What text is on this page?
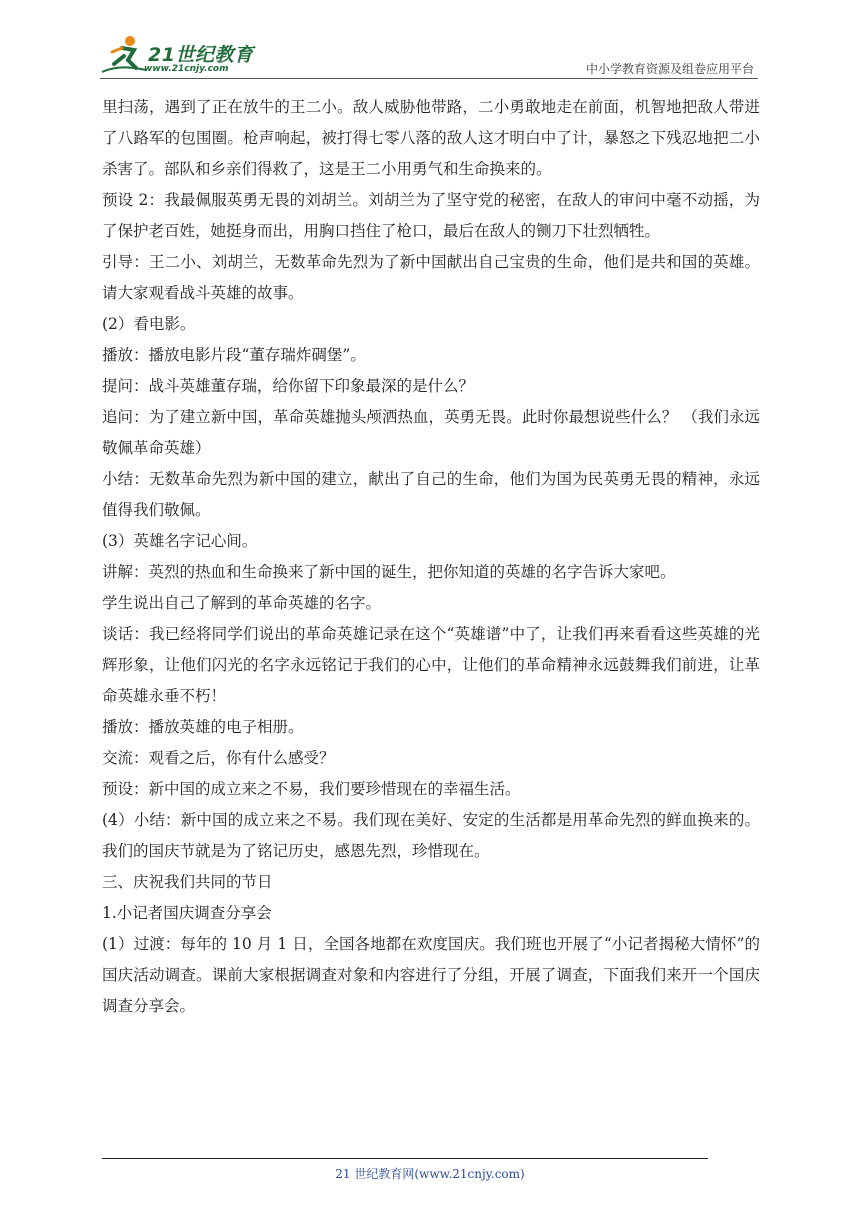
21世纪教育
www.21cnjy.com	中小学教育资源及组卷应用平台

里扫荡，遇到了正在放牛的王二小。敌人威胁他带路，二小勇敢地走在前面，机智地把敌人带进了八路军的包围圈。枪声响起，被打得七零八落的敌人这才明白中了计，暴怒之下残忍地把二小杀害了。部队和乡亲们得救了，这是王二小用勇气和生命换来的。

预设 2：我最佩服英勇无畏的刘胡兰。刘胡兰为了坚守党的秘密，在敌人的审问中毫不动摇，为了保护老百姓，她挺身而出，用胸口挡住了枪口，最后在敌人的铡刀下壮烈牺牲。

引导：王二小、刘胡兰，无数革命先烈为了新中国献出自己宝贵的生命，他们是共和国的英雄。请大家观看战斗英雄的故事。

(2）看电影。

播放：播放电影片段“董存瑞炸碉堡”。

提问：战斗英雄董存瑞，给你留下印象最深的是什么？

追问：为了建立新中国，革命英雄抛头颅洒热血，英勇无畏。此时你最想说些什么？ （我们永远敬佩革命英雄）

小结：无数革命先烈为新中国的建立，献出了自己的生命，他们为国为民英勇无畏的精神，永远值得我们敬佩。

(3）英雄名字记心间。

讲解：英烈的热血和生命换来了新中国的诞生，把你知道的英雄的名字告诉大家吧。

学生说出自己了解到的革命英雄的名字。

谈话：我已经将同学们说出的革命英雄记录在这个“英雄谱”中了，让我们再来看看这些英雄的光辉形象，让他们闪光的名字永远铭记于我们的心中，让他们的革命精神永远鼓舞我们前进，让革命英雄永垂不朽！

播放：播放英雄的电子相册。

交流：观看之后，你有什么感受？

预设：新中国的成立来之不易，我们要珍惜现在的幸福生活。

(4）小结：新中国的成立来之不易。我们现在美好、安定的生活都是用革命先烈的鲜血换来的。我们的国庆节就是为了铭记历史，感恩先烈，珍惜现在。

三、庆祝我们共同的节日

1.小记者国庆调查分享会

(1）过渡：每年的 10 月 1 日，全国各地都在欢度国庆。我们班也开展了“小记者揭秘大情怀”的国庆活动调查。课前大家根据调查对象和内容进行了分组，开展了调查，下面我们来开一个国庆调查分享会。

21 世纪教育网(www.21cnjy.com)
